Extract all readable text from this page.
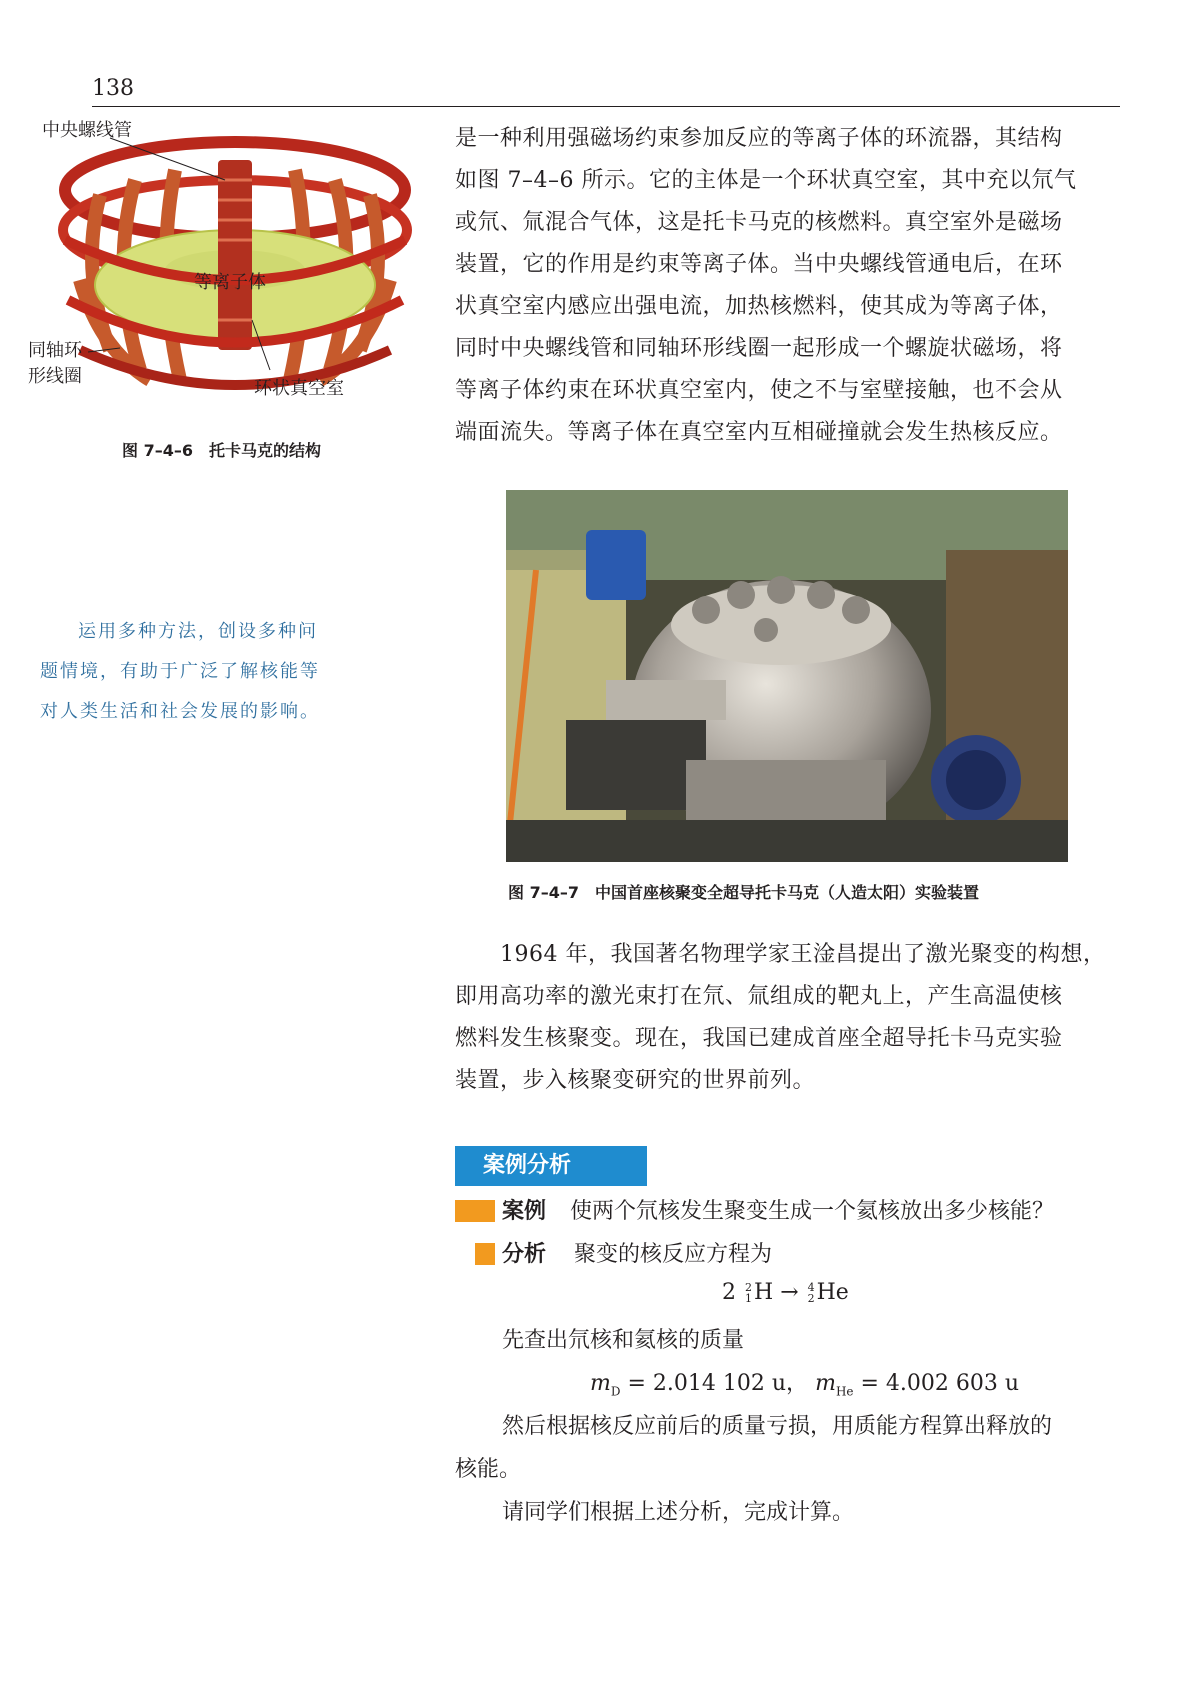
138
中央螺线管
等离子体
同轴环
形线圈
环状真空室
图 7–4–6　托卡马克的结构
运用多种方法，创设多种问
题情境，有助于广泛了解核能等
对人类生活和社会发展的影响。
是一种利用强磁场约束参加反应的等离子体的环流器，其结构
如图 7–4–6 所示。它的主体是一个环状真空室，其中充以氘气
或氘、氚混合气体，这是托卡马克的核燃料。真空室外是磁场
装置，它的作用是约束等离子体。当中央螺线管通电后，在环
状真空室内感应出强电流，加热核燃料，使其成为等离子体，
同时中央螺线管和同轴环形线圈一起形成一个螺旋状磁场，将
等离子体约束在环状真空室内，使之不与室壁接触，也不会从
端面流失。等离子体在真空室内互相碰撞就会发生热核反应。
图 7–4–7　中国首座核聚变全超导托卡马克（人造太阳）实验装置
　　1964 年，我国著名物理学家王淦昌提出了激光聚变的构想，
即用高功率的激光束打在氘、氚组成的靶丸上，产生高温使核
燃料发生核聚变。现在，我国已建成首座全超导托卡马克实验
装置，步入核聚变研究的世界前列。
案例分析
案例 使两个氘核发生聚变生成一个氦核放出多少核能？
分析 聚变的核反应方程为
2 2
1H → 4
2He
先查出氘核和氦核的质量
$m_D = 2.014$ 102 u， $m_{He} = 4.002$ 603 u
然后根据核反应前后的质量亏损，用质能方程算出释放的
核能。
请同学们根据上述分析，完成计算。
